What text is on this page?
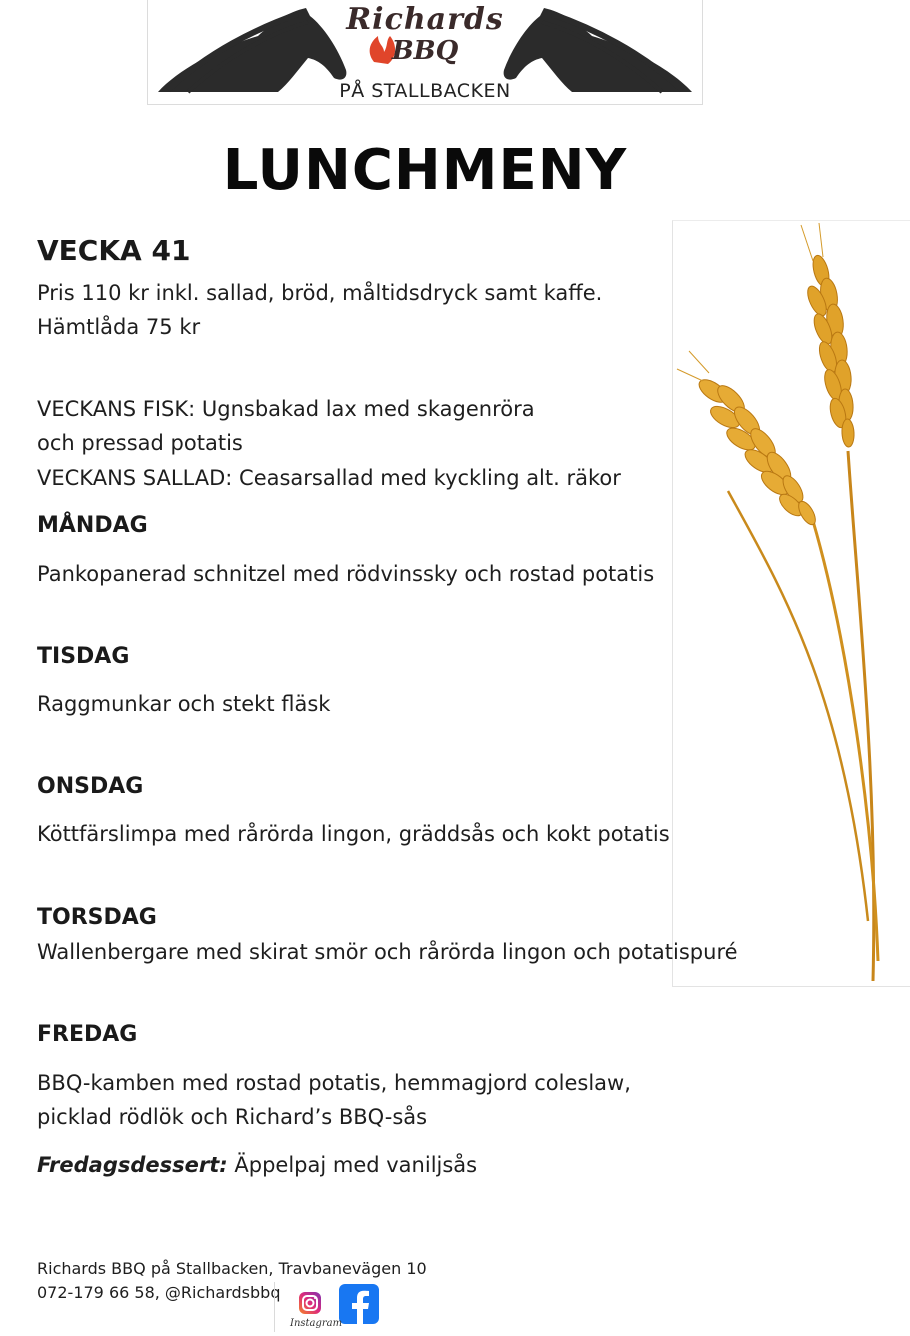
Richards
BBQ
PÅ STALLBACKEN
LUNCHMENY
VECKA 41
Pris 110 kr inkl. sallad, bröd, måltidsdryck samt kaffe.
Hämtlåda 75 kr
VECKANS FISK: Ugnsbakad lax med skagenröra
och pressad potatis
VECKANS SALLAD: Ceasarsallad med kyckling alt. räkor
MÅNDAG
Pankopanerad schnitzel med rödvinssky och rostad potatis
TISDAG
Raggmunkar och stekt fläsk
ONSDAG
Köttfärslimpa med rårörda lingon, gräddsås och kokt potatis
TORSDAG
Wallenbergare med skirat smör och rårörda lingon och potatispuré
FREDAG
BBQ-kamben med rostad potatis, hemmagjord coleslaw,
picklad rödlök och Richard’s BBQ-sås
Fredagsdessert: Äppelpaj med vaniljsås
Richards BBQ på Stallbacken, Travbanevägen 10
072-179 66 58, @Richardsbbq
Instagram
